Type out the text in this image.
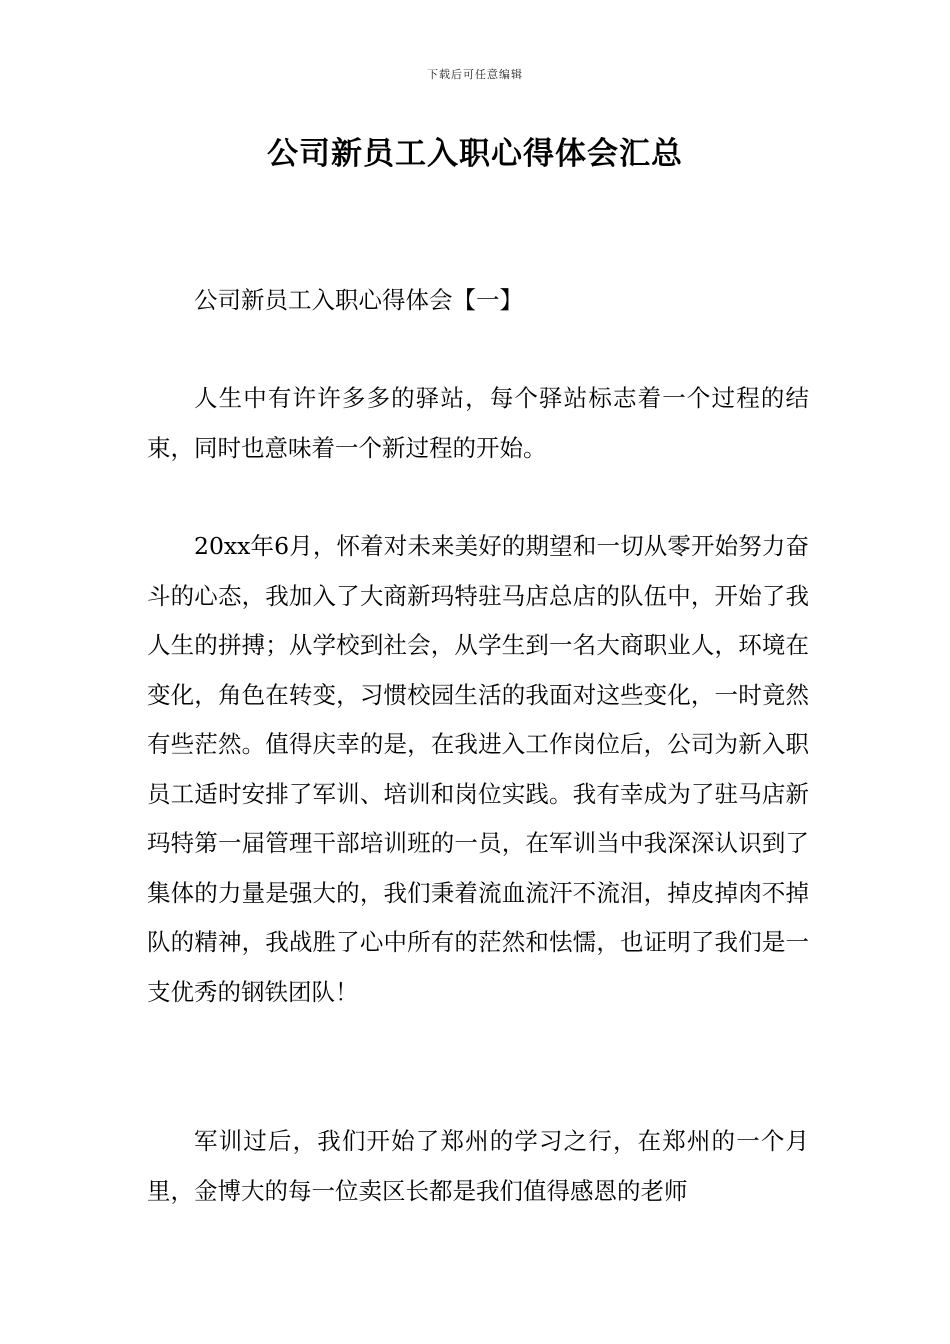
下载后可任意编辑
公司新员工入职心得体会汇总

公司新员工入职心得体会【一】

人生中有许许多多的驿站，每个驿站标志着一个过程的结束，同时也意味着一个新过程的开始。

20xx年6月，怀着对未来美好的期望和一切从零开始努力奋斗的心态，我加入了大商新玛特驻马店总店的队伍中，开始了我人生的拼搏；从学校到社会，从学生到一名大商职业人，环境在变化，角色在转变，习惯校园生活的我面对这些变化，一时竟然有些茫然。值得庆幸的是，在我进入工作岗位后，公司为新入职员工适时安排了军训、培训和岗位实践。我有幸成为了驻马店新玛特第一届管理干部培训班的一员，在军训当中我深深认识到了集体的力量是强大的，我们秉着流血流汗不流泪，掉皮掉肉不掉队的精神，我战胜了心中所有的茫然和怯懦，也证明了我们是一支优秀的钢铁团队！

军训过后，我们开始了郑州的学习之行，在郑州的一个月里，金博大的每一位卖区长都是我们值得感恩的老师
